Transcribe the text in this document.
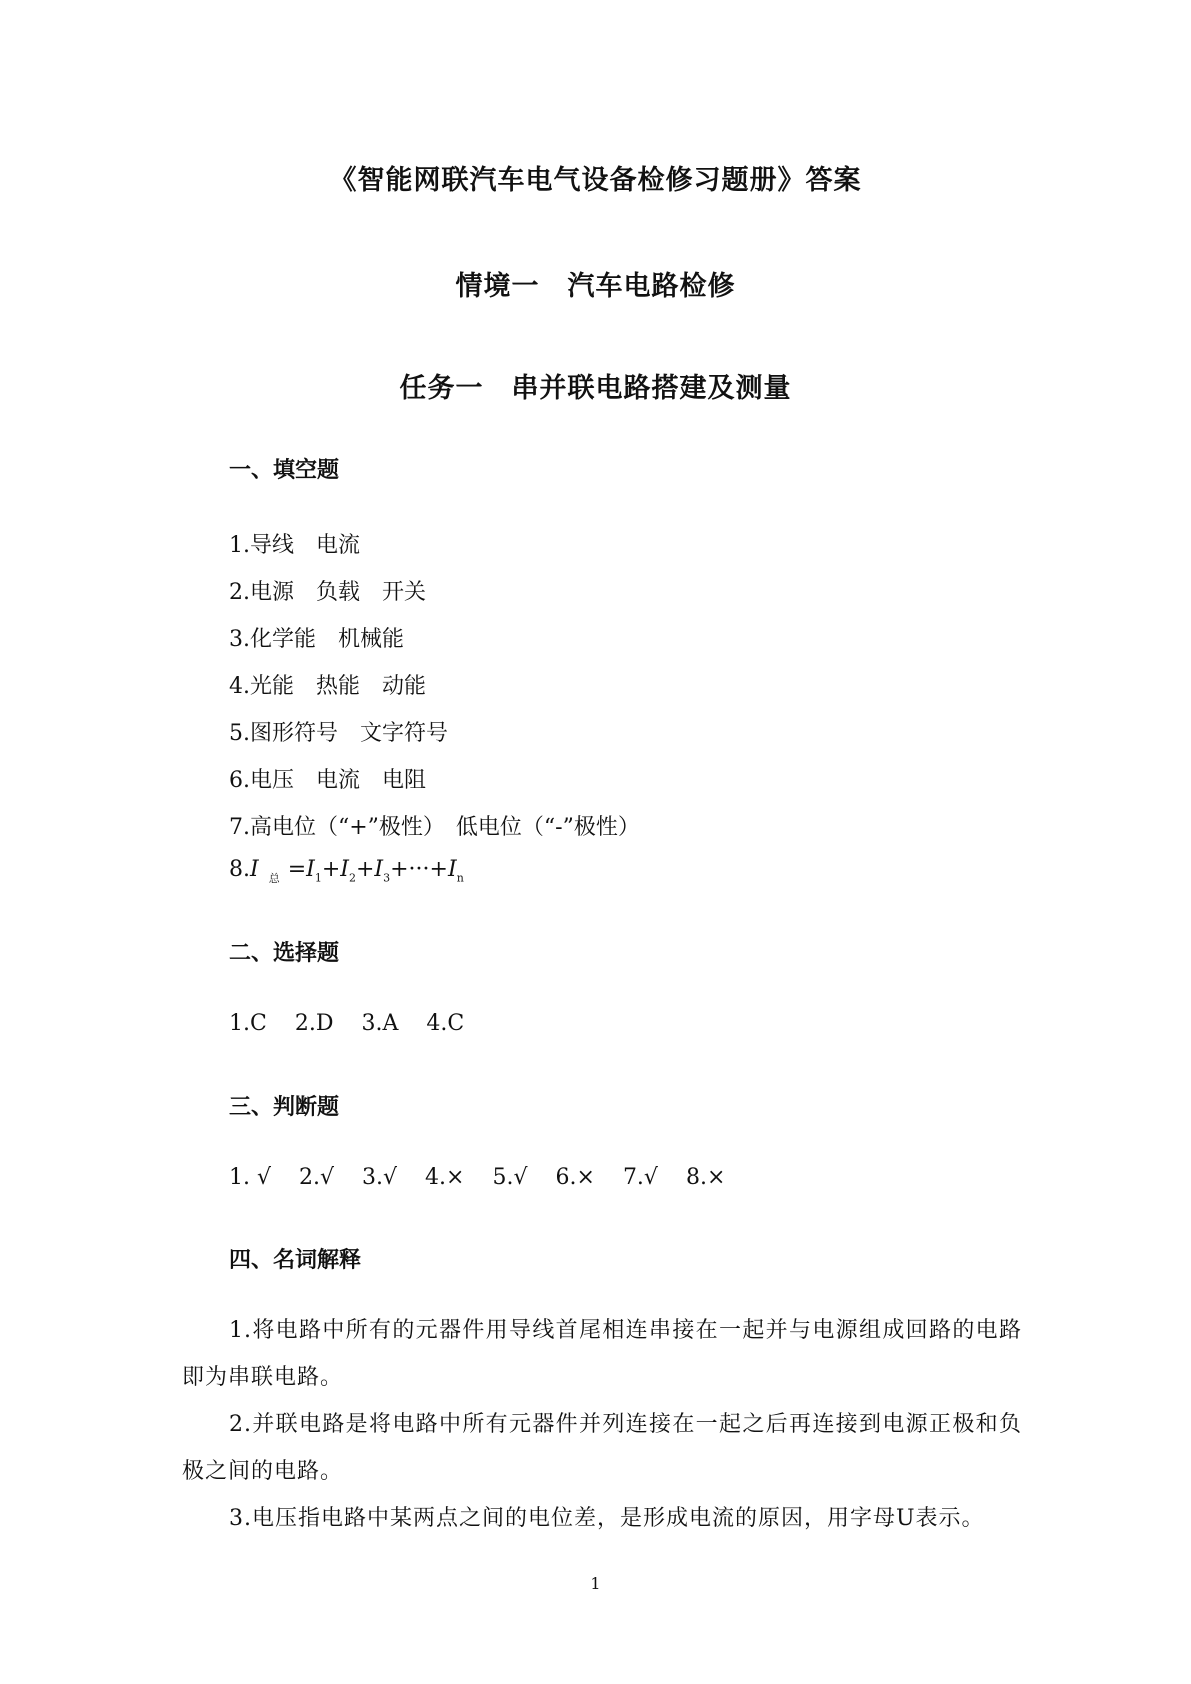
《智能网联汽车电气设备检修习题册》答案
情境一　汽车电路检修
任务一　串并联电路搭建及测量
一、填空题
1.导线　电流
2.电源　负载　开关
3.化学能　机械能
4.光能　热能　动能
5.图形符号　文字符号
6.电压　电流　电阻
7.高电位（“+”极性）　低电位（“-”极性）
8.I $_总 =I_1+I_2+I_3+\cdot\cdot\cdot+I_n$
二、选择题
1.C 2.D 3.A 4.C
三、判断题
1. √ 2.√ 3.√ 4.× 5.√ 6.× 7.√ 8.×
四、名词解释
1.将电路中所有的元器件用导线首尾相连串接在一起并与电源组成回路的电路即为串联电路。
2.并联电路是将电路中所有元器件并列连接在一起之后再连接到电源正极和负极之间的电路。
3.电压指电路中某两点之间的电位差，是形成电流的原因，用字母U表示。
1
